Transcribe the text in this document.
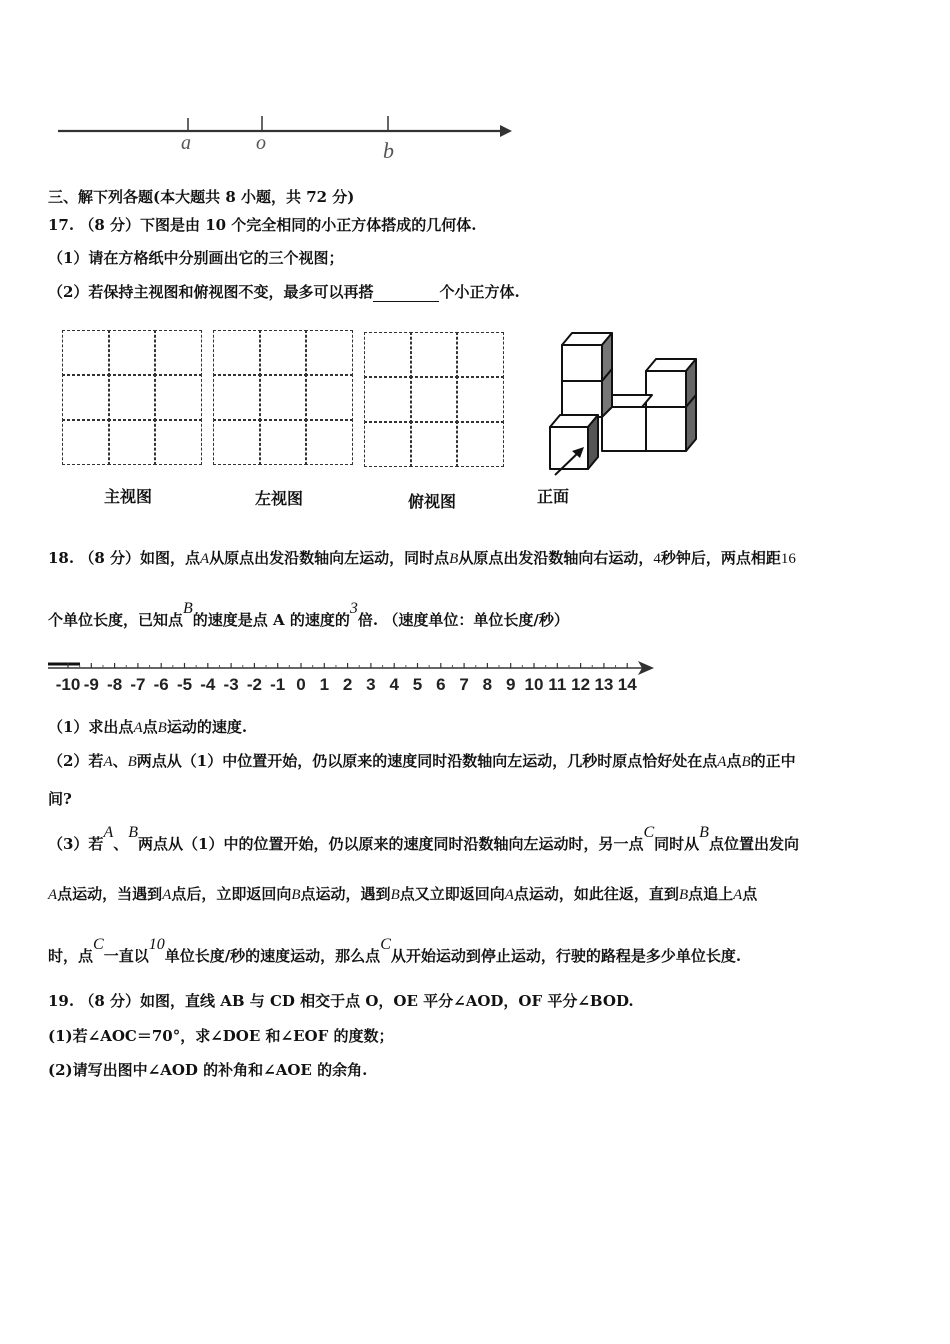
a	o	b
三、解下列各题(本大题共 8 小题，共 72 分)
17. （8 分）下图是由 10 个完全相同的小正方体搭成的几何体.
（1）请在方格纸中分别画出它的三个视图；
（2）若保持主视图和俯视图不变，最多可以再搭	个小正方体.
主视图	左视图	俯视图	正面
18. （8 分）如图，点A从原点出发沿数轴向左运动，同时点B从原点出发沿数轴向右运动，4秒钟后，两点相距16
个单位长度，已知点B的速度是点 A 的速度的3倍. （速度单位：单位长度/秒）
-10 -9 -8 -7 -6 -5 -4 -3 -2 -1 0 1 2 3 4 5 6 7 8 9 10 11 12 13 14
（1）求出点A点B运动的速度.
（2）若A、B两点从（1）中位置开始，仍以原来的速度同时沿数轴向左运动，几秒时原点恰好处在点A点B的正中
间?
（3）若A、B两点从（1）中的位置开始，仍以原来的速度同时沿数轴向左运动时，另一点C同时从B点位置出发向
A点运动，当遇到A点后，立即返回向B点运动，遇到B点又立即返回向A点运动，如此往返，直到B点追上A点
时，点C一直以10单位长度/秒的速度运动，那么点C从开始运动到停止运动，行驶的路程是多少单位长度.
19. （8 分）如图，直线 AB 与 CD 相交于点 O，OE 平分∠AOD，OF 平分∠BOD.
(1)若∠AOC＝70°，求∠DOE 和∠EOF 的度数；
(2)请写出图中∠AOD 的补角和∠AOE 的余角.
